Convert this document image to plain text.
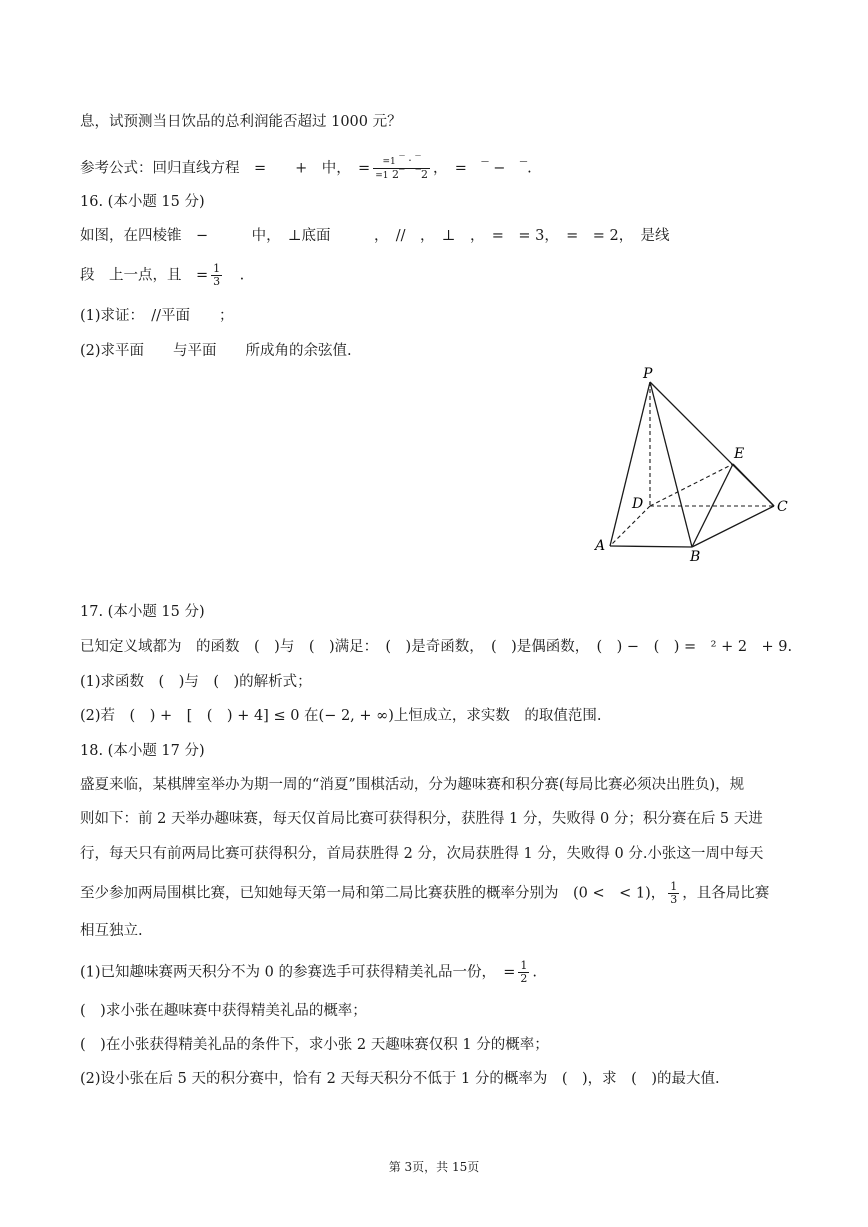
息，试预测当日饮品的总利润能否超过 1000 元？
参考公式：回归直线方程　=　　+　中，　= $\frac{=1 ‾ \cdot ‾}{=1 2‾ ‾2}$ ，　=　‾ −　‾.
16. (本小题 15 分)
如图，在四棱锥　−　　　中，　⊥底面　　　，　//　，　⊥　，　=　= 3，　=　= 2，　是线
段　上一点，且　= $\frac{1}{3}$ 　.
(1)求证：　//平面　　；
(2)求平面　　与平面　　所成角的余弦值.
P
E
D	C
A
B
17. (本小题 15 分)
已知定义域都为　的函数　(　)与　(　)满足：　(　)是奇函数，　(　)是偶函数，　(　) −　(　) =　² + 2　+ 9.
(1)求函数　(　)与　(　)的解析式；
(2)若　(　) +　[　(　) + 4] ≤ 0 在(− 2, + ∞)上恒成立，求实数　的取值范围.
18. (本小题 17 分)
盛夏来临，某棋牌室举办为期一周的“消夏”围棋活动，分为趣味赛和积分赛(每局比赛必须决出胜负)，规
则如下：前 2 天举办趣味赛，每天仅首局比赛可获得积分，获胜得 1 分，失败得 0 分；积分赛在后 5 天进
行，每天只有前两局比赛可获得积分，首局获胜得 2 分，次局获胜得 1 分，失败得 0 分.小张这一周中每天
至少参加两局围棋比赛，已知她每天第一局和第二局比赛获胜的概率分别为　(0 <　< 1)， $\frac{1}{3}$ ，且各局比赛
相互独立.
(1)已知趣味赛两天积分不为 0 的参赛选手可获得精美礼品一份，　= $\frac{1}{2}$ .
(　)求小张在趣味赛中获得精美礼品的概率；
(　)在小张获得精美礼品的条件下，求小张 2 天趣味赛仅积 1 分的概率；
(2)设小张在后 5 天的积分赛中，恰有 2 天每天积分不低于 1 分的概率为　(　)，求　(　)的最大值.
第 3页，共 15页
